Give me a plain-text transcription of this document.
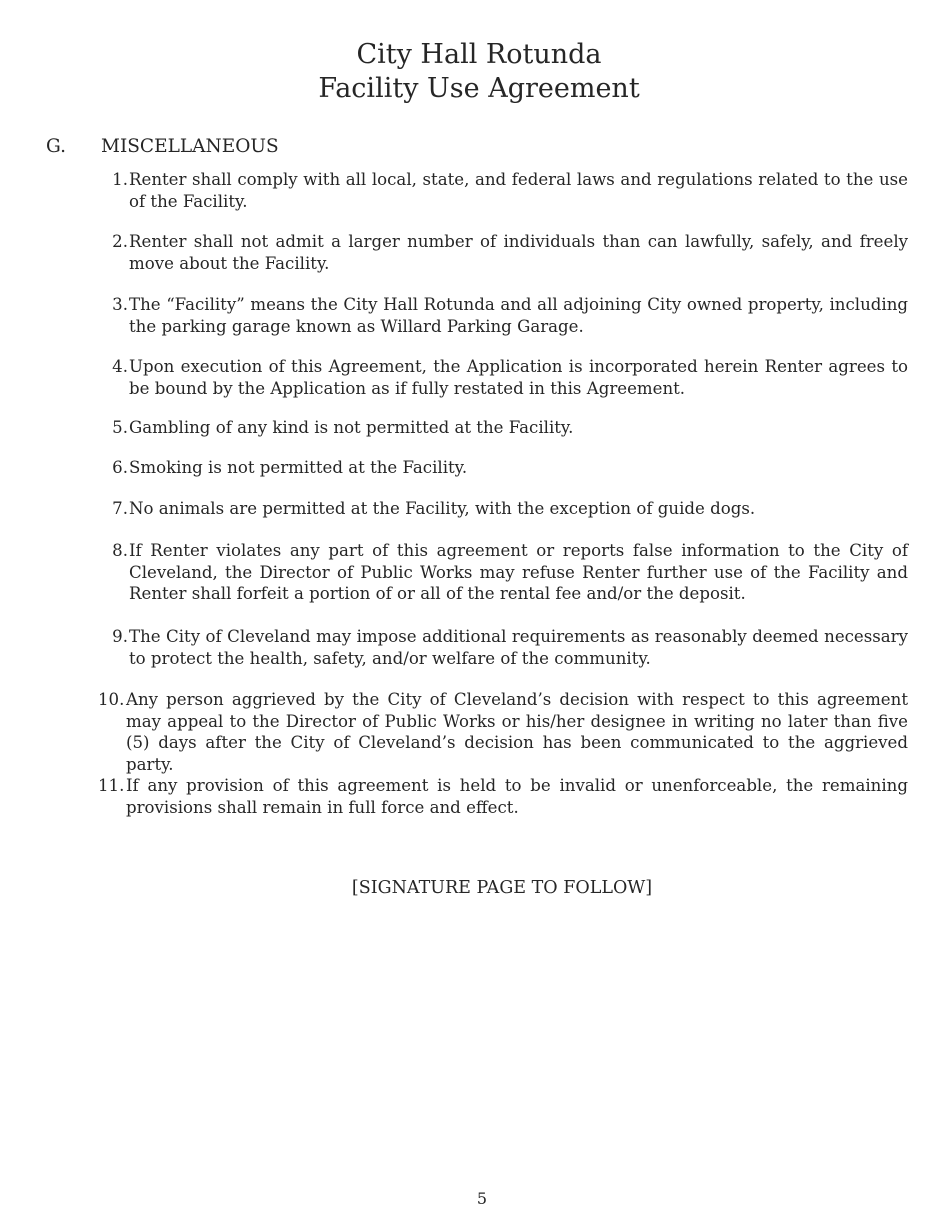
City Hall Rotunda
Facility Use Agreement
G. MISCELLANEOUS
1. Renter shall comply with all local, state, and federal laws and regulations related to the use of the Facility.
2. Renter shall not admit a larger number of individuals than can lawfully, safely, and freely move about the Facility.
3. The “Facility” means the City Hall Rotunda and all adjoining City owned property, including the parking garage known as Willard Parking Garage.
4. Upon execution of this Agreement, the Application is incorporated herein Renter agrees to be bound by the Application as if fully restated in this Agreement.
5. Gambling of any kind is not permitted at the Facility.
6. Smoking is not permitted at the Facility.
7. No animals are permitted at the Facility, with the exception of guide dogs.
8. If Renter violates any part of this agreement or reports false information to the City of Cleveland, the Director of Public Works may refuse Renter further use of the Facility and Renter shall forfeit a portion of or all of the rental fee and/or the deposit.
9. The City of Cleveland may impose additional requirements as reasonably deemed necessary to protect the health, safety, and/or welfare of the community.
10. Any person aggrieved by the City of Cleveland’s decision with respect to this agreement may appeal to the Director of Public Works or his/her designee in writing no later than five (5) days after the City of Cleveland’s decision has been communicated to the aggrieved party.
11. If any provision of this agreement is held to be invalid or unenforceable, the remaining provisions shall remain in full force and effect.
[SIGNATURE PAGE TO FOLLOW]
5
